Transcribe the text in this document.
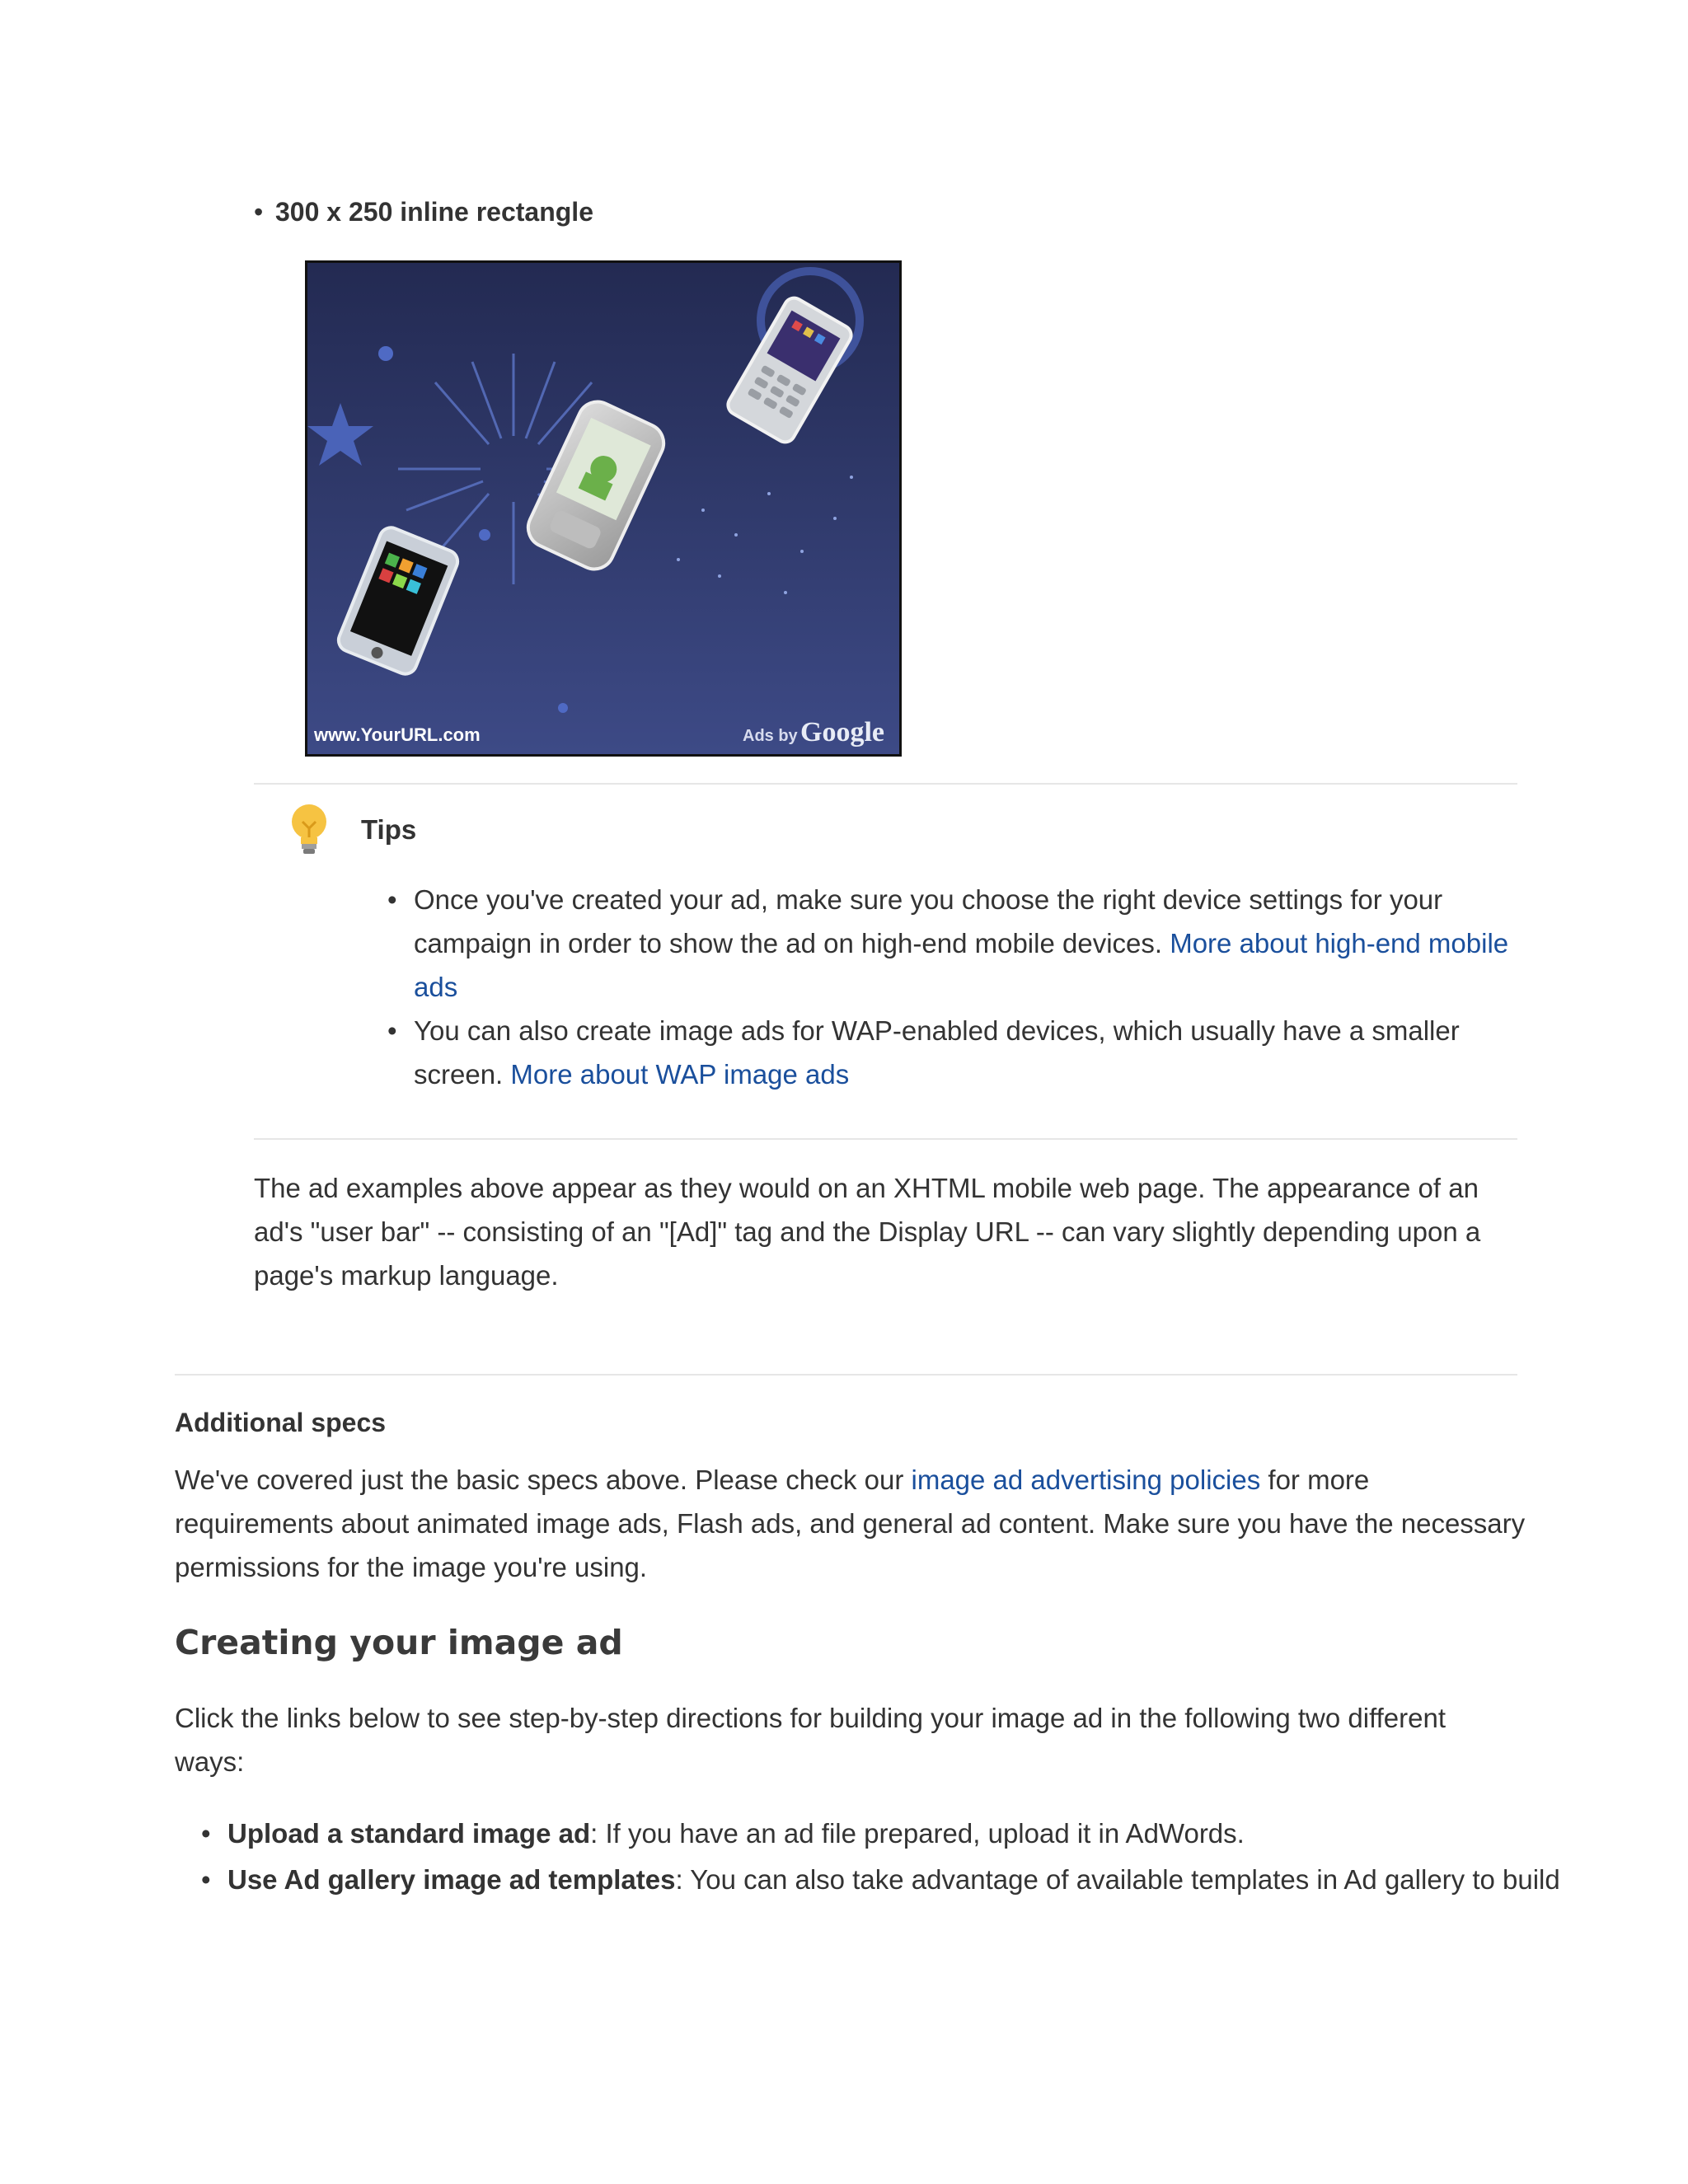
• 300 x 250 inline rectangle
www.YourURL.com	Ads by Google
Tips
• Once you've created your ad, make sure you choose the right device settings for your campaign in order to show the ad on high-end mobile devices. More about high-end mobile ads
• You can also create image ads for WAP-enabled devices, which usually have a smaller screen. More about WAP image ads

The ad examples above appear as they would on an XHTML mobile web page. The appearance of an ad's "user bar" -- consisting of an "[Ad]" tag and the Display URL -- can vary slightly depending upon a page's markup language.

Additional specs

We've covered just the basic specs above. Please check our image ad advertising policies for more requirements about animated image ads, Flash ads, and general ad content. Make sure you have the necessary permissions for the image you're using.

Creating your image ad

Click the links below to see step-by-step directions for building your image ad in the following two different ways:

• Upload a standard image ad: If you have an ad file prepared, upload it in AdWords.
• Use Ad gallery image ad templates: You can also take advantage of available templates in Ad gallery to build
